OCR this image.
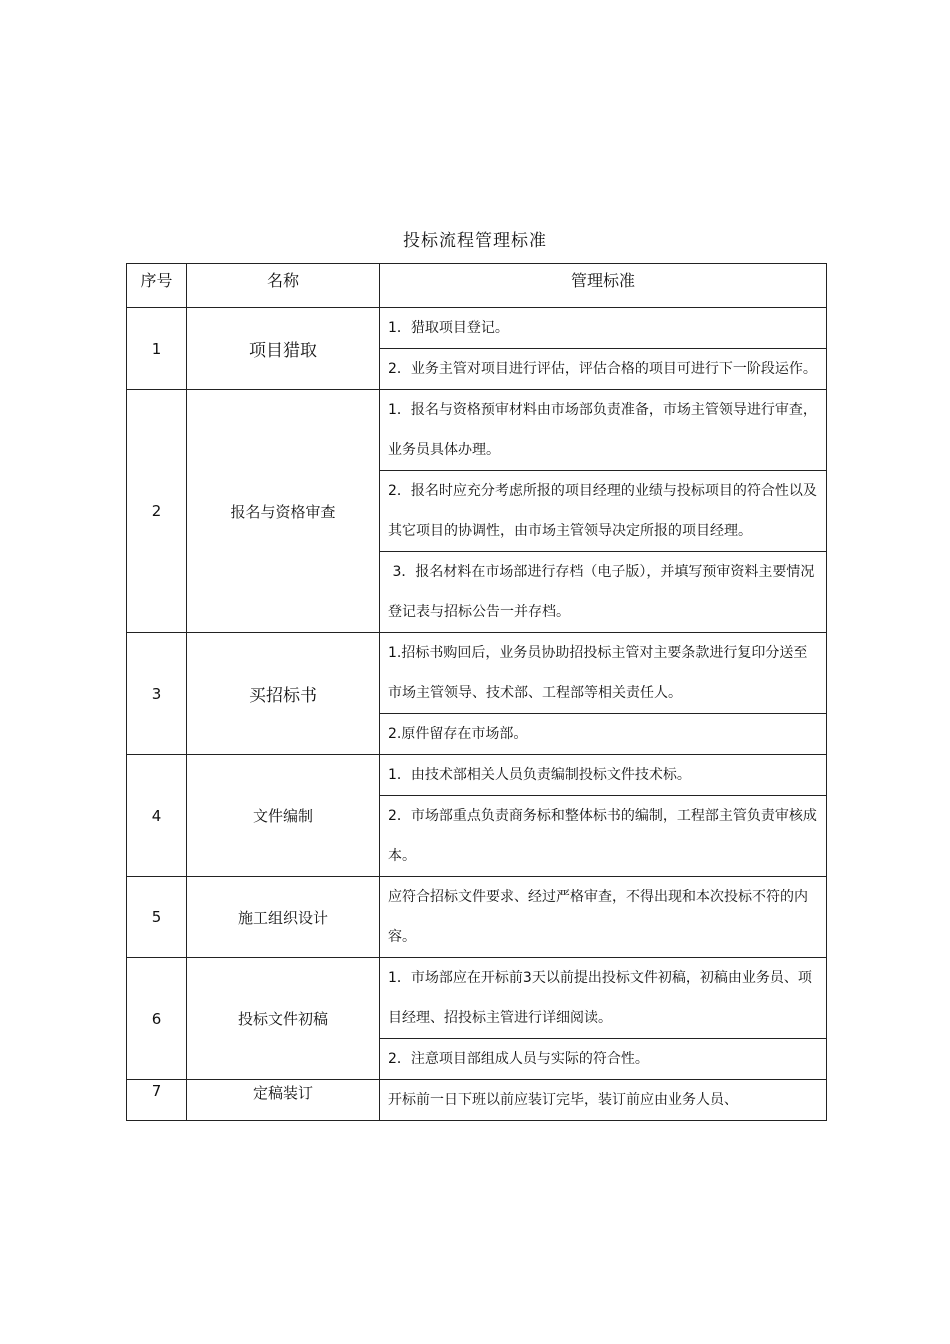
投标流程管理标准
序号	名称	管理标准
1	项目猎取	1．猎取项目登记。
		2．业务主管对项目进行评估，评估合格的项目可进行下一阶段运作。
2	报名与资格审查	1．报名与资格预审材料由市场部负责准备，市场主管领导进行审查，业务员具体办理。
		2．报名时应充分考虑所报的项目经理的业绩与投标项目的符合性以及其它项目的协调性，由市场主管领导决定所报的项目经理。
		3．报名材料在市场部进行存档（电子版），并填写预审资料主要情况登记表与招标公告一并存档。
3	买招标书	1.招标书购回后，业务员协助招投标主管对主要条款进行复印分送至市场主管领导、技术部、工程部等相关责任人。
		2.原件留存在市场部。
4	文件编制	1．由技术部相关人员负责编制投标文件技术标。
		2．市场部重点负责商务标和整体标书的编制，工程部主管负责审核成本。
5	施工组织设计	应符合招标文件要求、经过严格审查，不得出现和本次投标不符的内容。
6	投标文件初稿	1．市场部应在开标前3天以前提出投标文件初稿，初稿由业务员、项目经理、招投标主管进行详细阅读。
		2．注意项目部组成人员与实际的符合性。
7	定稿装订	开标前一日下班以前应装订完毕，装订前应由业务人员、
